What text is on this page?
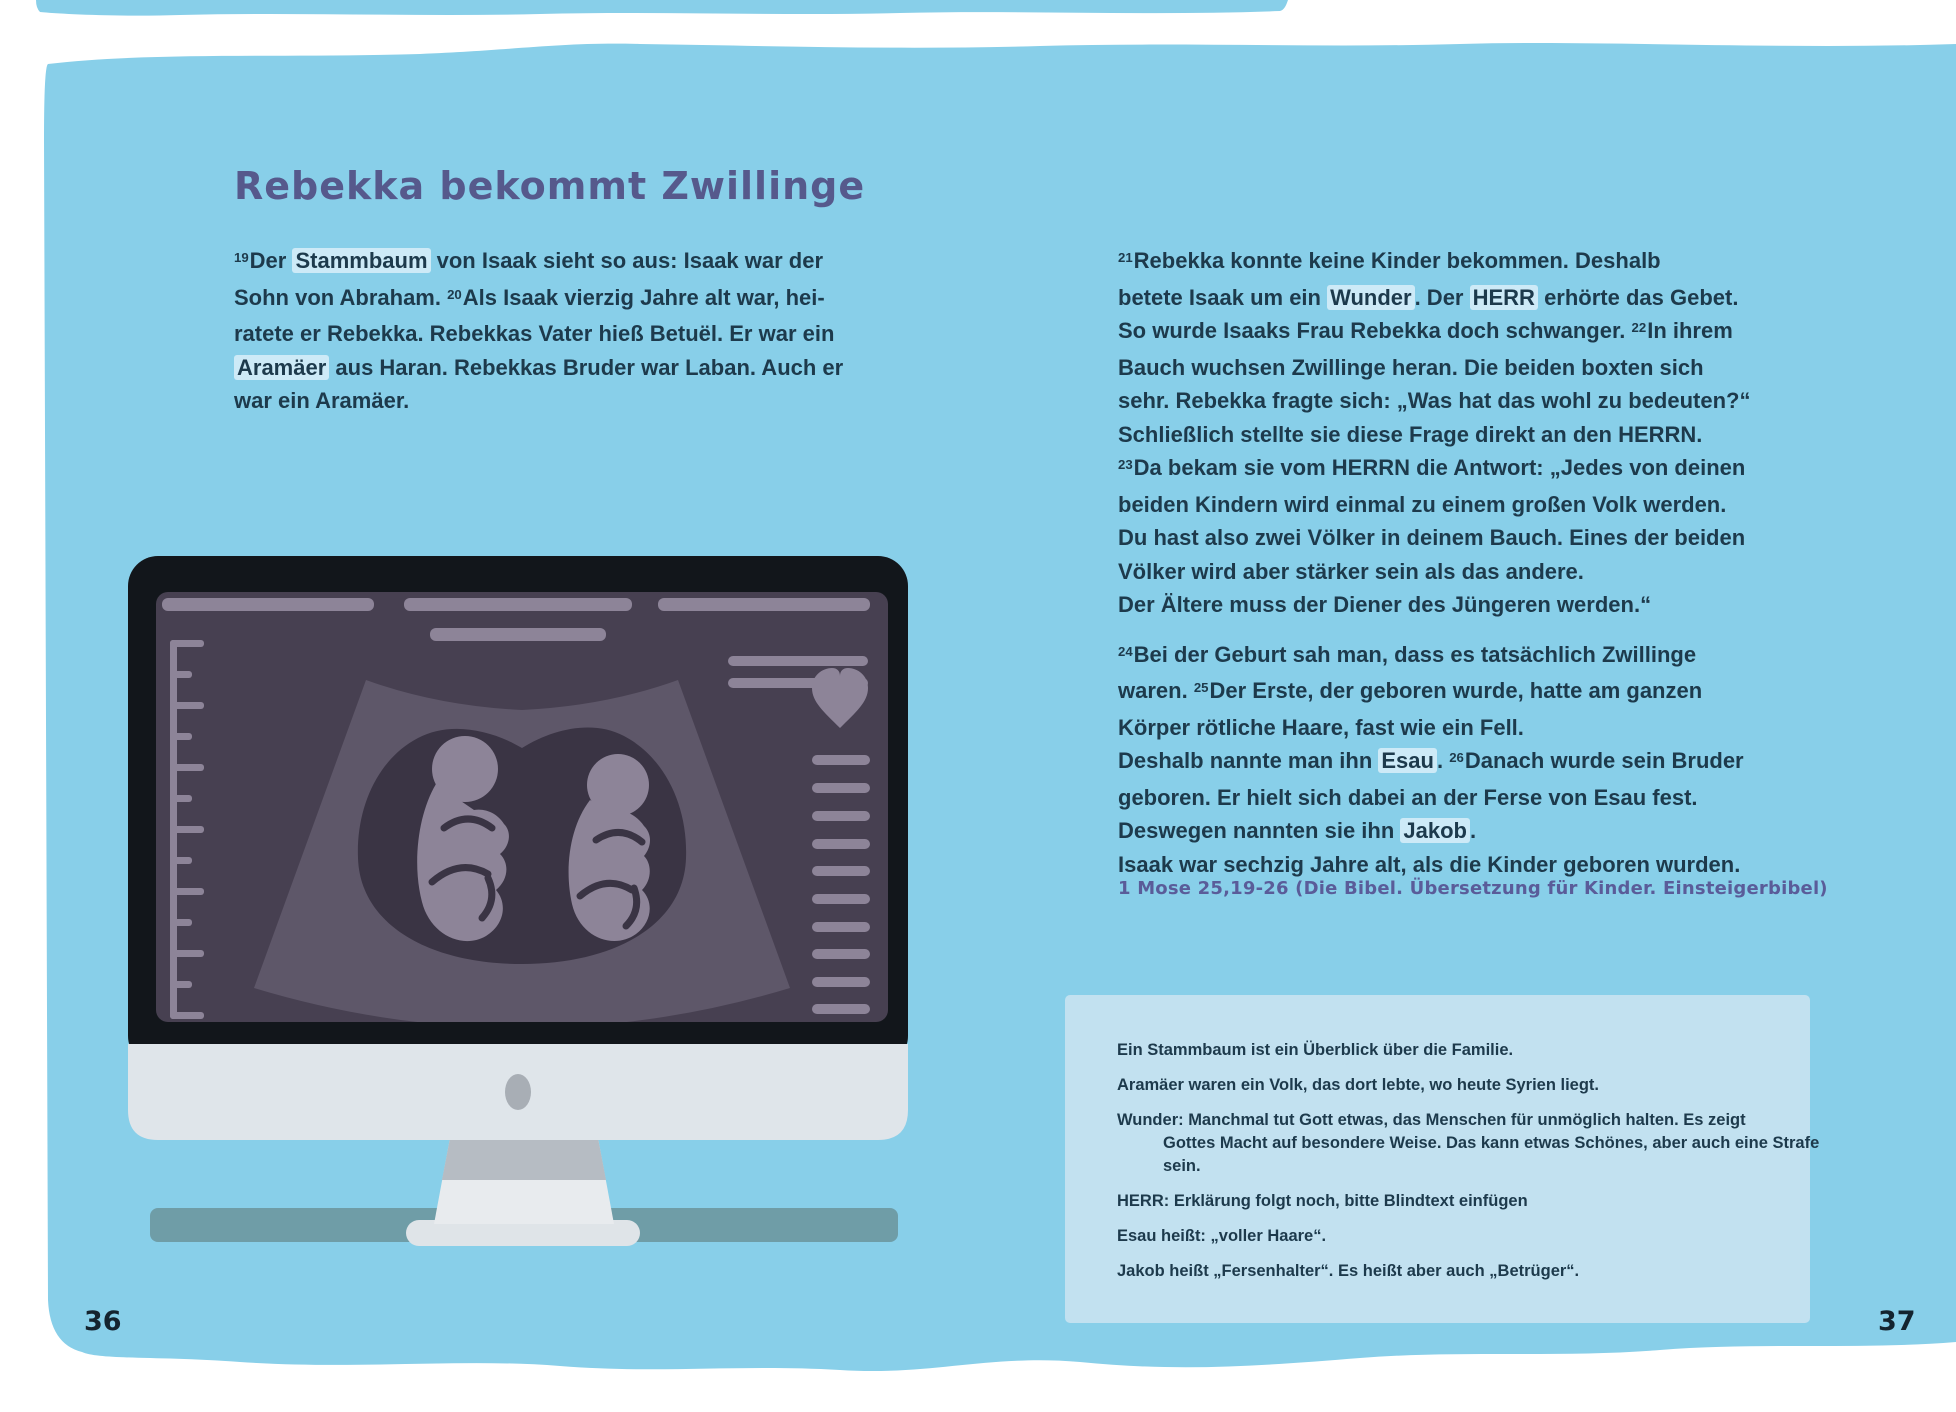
Rebekka bekommt Zwillinge
$^{19}$Der Stammbaum von Isaak sieht so aus: Isaak war der
Sohn von Abraham. $^{20}$Als Isaak vierzig Jahre alt war, hei-
ratete er Rebekka. Rebekkas Vater hieß Betuël. Er war ein
Aramäer aus Haran. Rebekkas Bruder war Laban. Auch er
war ein Aramäer.
$^{21}$Rebekka konnte keine Kinder bekommen. Deshalb
betete Isaak um ein Wunder . Der HERR erhörte das Gebet.
So wurde Isaaks Frau Rebekka doch schwanger. $^{22}$In ihrem
Bauch wuchsen Zwillinge heran. Die beiden boxten sich
sehr. Rebekka fragte sich: „Was hat das wohl zu bedeuten?“
Schließlich stellte sie diese Frage direkt an den HERRN.
$^{23}$Da bekam sie vom HERRN die Antwort: „Jedes von deinen
beiden Kindern wird einmal zu einem großen Volk werden.
Du hast also zwei Völker in deinem Bauch. Eines der beiden
Völker wird aber stärker sein als das andere.
Der Ältere muss der Diener des Jüngeren werden.“
$^{24}$Bei der Geburt sah man, dass es tatsächlich Zwillinge
waren. $^{25}$Der Erste, der geboren wurde, hatte am ganzen
Körper rötliche Haare, fast wie ein Fell.
Deshalb nannte man ihn Esau . $^{26}$Danach wurde sein Bruder
geboren. Er hielt sich dabei an der Ferse von Esau fest.
Deswegen nannten sie ihn Jakob .
Isaak war sechzig Jahre alt, als die Kinder geboren wurden.
1 Mose 25,19-26 (Die Bibel. Übersetzung für Kinder. Einsteigerbibel)
Ein Stammbaum ist ein Überblick über die Familie.
Aramäer waren ein Volk, das dort lebte, wo heute Syrien liegt.
Wunder: Manchmal tut Gott etwas, das Menschen für unmöglich halten. Es zeigt
Gottes Macht auf besondere Weise. Das kann etwas Schönes, aber auch eine Strafe
sein.
HERR: Erklärung folgt noch, bitte Blindtext einfügen
Esau heißt: „voller Haare“.
Jakob heißt „Fersenhalter“. Es heißt aber auch „Betrüger“.
36	37
